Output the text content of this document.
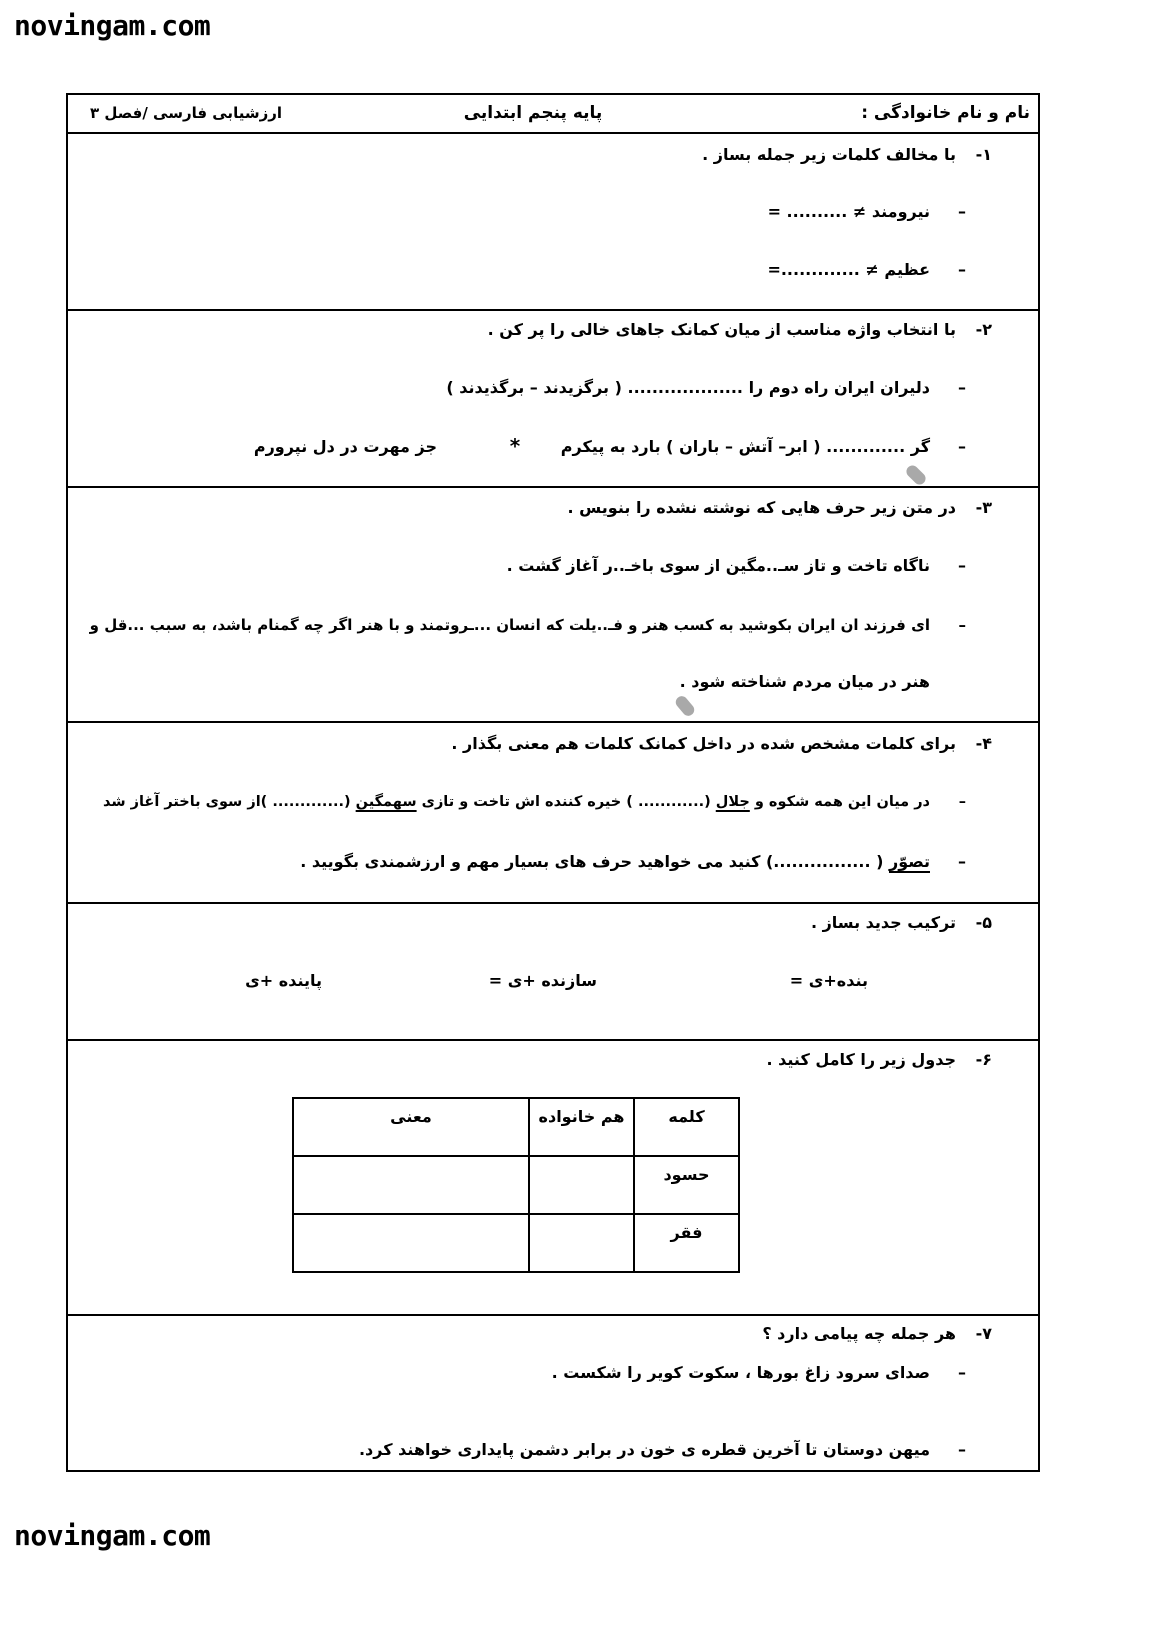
novingam.com
نام و نام خانوادگی :
پایه پنجم ابتدایی
ارزشیابی فارسی /فصل ۳
۱-با مخالف کلمات زیر جمله بساز .
–نیرومند ≠ .......... =
–عظیم ≠ .............=
۲-با انتخاب واژه مناسب از میان کمانک جاهای خالی را پر کن .
–دلیران ایران راه دوم را ................... ( برگزیدند – برگذیدند )
–گر ............. ( ابر– آتش – باران ) بارد به پیکرم
*
جز مهرت در دل نپرورم
۳-در متن زیر حرف هایی که نوشته نشده را بنویس .
–ناگاه تاخت و تاز سـ..مگین از سوی باخـ..ر آغاز گشت .
–ای فرزند ان ایران بکوشید به کسب هنر و فـ..یلت که انسان ...ـروتمند و با هنر اگر چه گمنام باشد، به سبب ...قل و
هنر در میان مردم شناخته شود .
۴-برای کلمات مشخص شده در داخل کمانک کلمات هم معنی بگذار .
–در میان این همه شکوه و جلال (............ ) خیره کننده اش تاخت و تازی سهمگین (............. )از سوی باختر آغاز شد
–تصوّر ( ................) کنید می خواهید حرف های بسیار مهم و ارزشمندی بگویید .
۵-ترکیب جدید بساز .
بنده+ی =
سازنده +ی =
پاینده +ی
۶-جدول زیر را کامل کنید .
کلمه	هم خانواده	معنی
حسود		
فقر		
۷-هر جمله چه پیامی دارد ؟
–صدای سرود زاغ بورها ، سکوت کویر را شکست .
–میهن دوستان تا آخرین قطره ی خون در برابر دشمن پایداری خواهند کرد.
novingam.com
